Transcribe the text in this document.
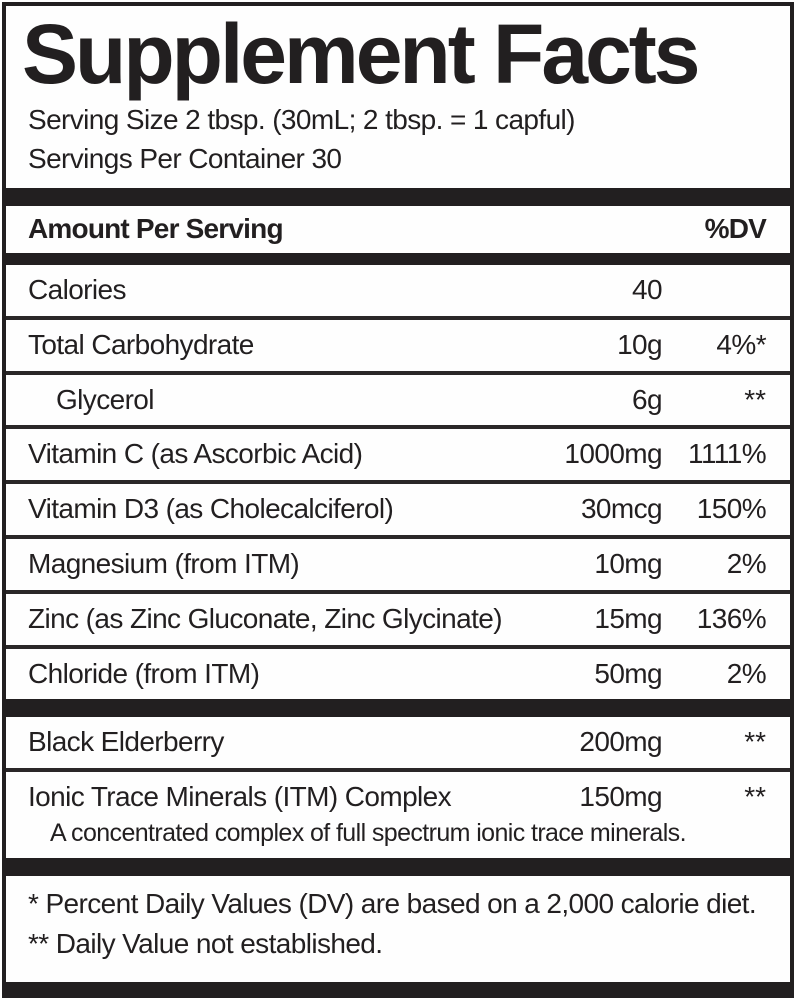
Supplement Facts
Serving Size 2 tbsp. (30mL; 2 tbsp. = 1 capful)
Servings Per Container 30
Amount Per Serving	%DV
Calories	40
Total Carbohydrate	10g	4%*
Glycerol	6g	**
Vitamin C (as Ascorbic Acid)	1000mg 1111%
Vitamin D3 (as Cholecalciferol)	30mcg	150%
Magnesium (from ITM)	10mg	2%
Zinc (as Zinc Gluconate, Zinc Glycinate)	15mg	136%
Chloride (from ITM)	50mg	2%
Black Elderberry	200mg	**
Ionic Trace Minerals (ITM) Complex	150mg	**
A concentrated complex of full spectrum ionic trace minerals.
* Percent Daily Values (DV) are based on a 2,000 calorie diet.
** Daily Value not established.
